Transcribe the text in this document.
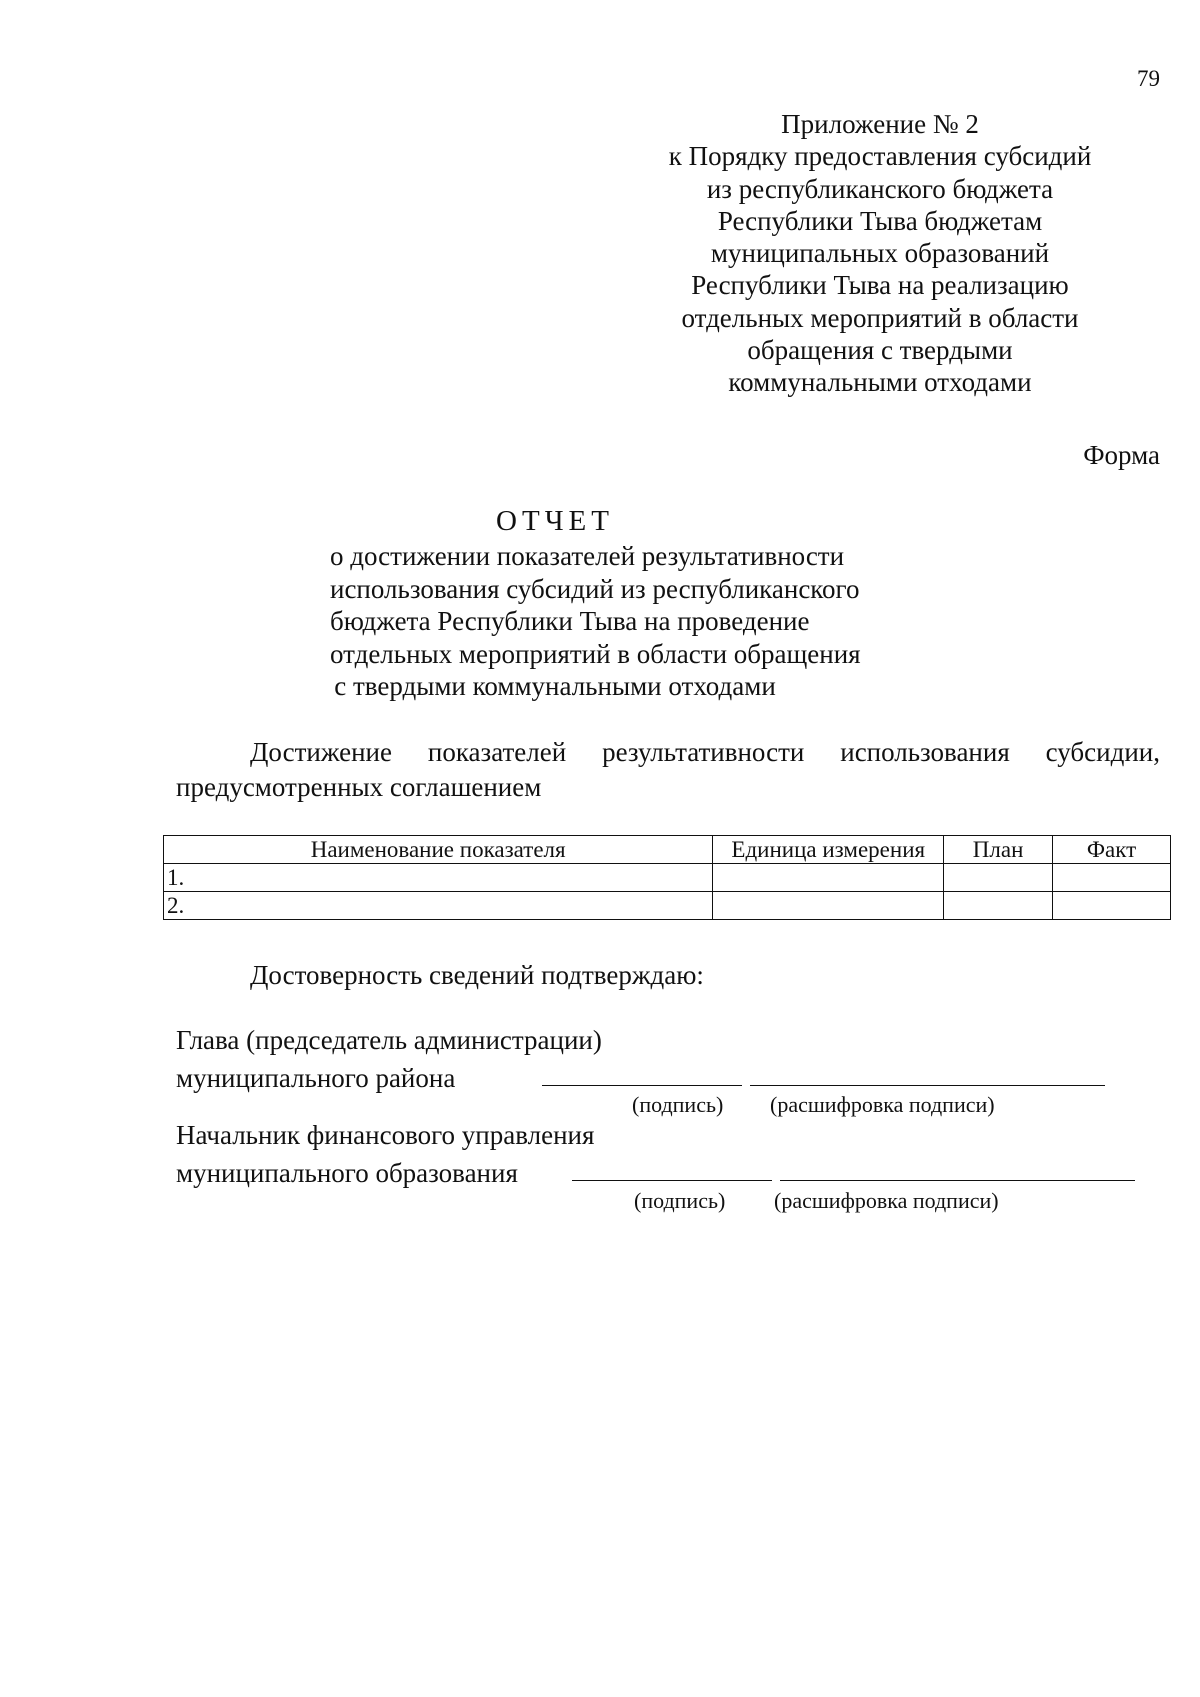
79
Приложение № 2
к Порядку предоставления субсидий
из республиканского бюджета
Республики Тыва бюджетам
муниципальных образований
Республики Тыва на реализацию
отдельных мероприятий в области
обращения с твердыми
коммунальными отходами
Форма
ОТЧЕТ
о достижении показателей результативности
использования субсидий из республиканского
бюджета Республики Тыва на проведение
отдельных мероприятий в области обращения
с твердыми коммунальными отходами
Достижение показателей результативности использования субсидии,
предусмотренных соглашением
Наименование показателя	Единица измерения	План	Факт
1.			
2.			
Достоверность сведений подтверждаю:
Глава (председатель администрации)
муниципального района
(подпись) (расшифровка подписи)
Начальник финансового управления
муниципального образования
(подпись) (расшифровка подписи)
